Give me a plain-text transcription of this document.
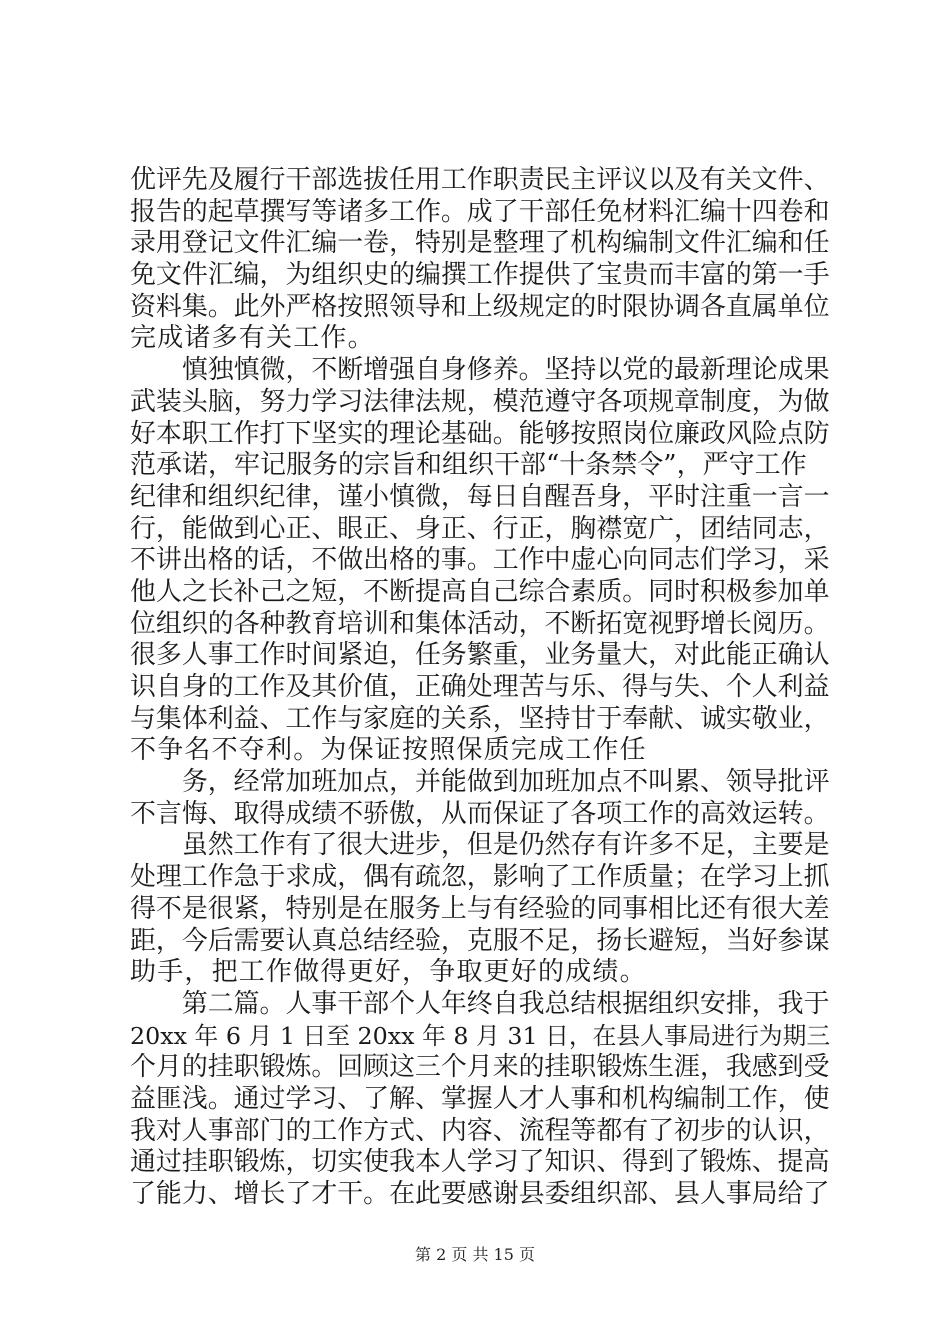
优评先及履行干部选拔任用工作职责民主评议以及有关文件、
报告的起草撰写等诸多工作。成了干部任免材料汇编十四卷和
录用登记文件汇编一卷，特别是整理了机构编制文件汇编和任
免文件汇编，为组织史的编撰工作提供了宝贵而丰富的第一手
资料集。此外严格按照领导和上级规定的时限协调各直属单位
完成诸多有关工作。
　　慎独慎微，不断增强自身修养。坚持以党的最新理论成果
武装头脑，努力学习法律法规，模范遵守各项规章制度，为做
好本职工作打下坚实的理论基础。能够按照岗位廉政风险点防
范承诺，牢记服务的宗旨和组织干部“十条禁令”，严守工作
纪律和组织纪律，谨小慎微，每日自醒吾身，平时注重一言一
行，能做到心正、眼正、身正、行正，胸襟宽广，团结同志，
不讲出格的话，不做出格的事。工作中虚心向同志们学习，采
他人之长补己之短，不断提高自己综合素质。同时积极参加单
位组织的各种教育培训和集体活动，不断拓宽视野增长阅历。
很多人事工作时间紧迫，任务繁重，业务量大，对此能正确认
识自身的工作及其价值，正确处理苦与乐、得与失、个人利益
与集体利益、工作与家庭的关系，坚持甘于奉献、诚实敬业，
不争名不夺利。为保证按照保质完成工作任
　　务，经常加班加点，并能做到加班加点不叫累、领导批评
不言悔、取得成绩不骄傲，从而保证了各项工作的高效运转。
　　虽然工作有了很大进步，但是仍然存有许多不足，主要是
处理工作急于求成，偶有疏忽，影响了工作质量；在学习上抓
得不是很紧，特别是在服务上与有经验的同事相比还有很大差
距，今后需要认真总结经验，克服不足，扬长避短，当好参谋
助手，把工作做得更好，争取更好的成绩。
　　第二篇。人事干部个人年终自我总结根据组织安排，我于
20xx 年 6 月 1 日至 20xx 年 8 月 31 日，在县人事局进行为期三
个月的挂职锻炼。回顾这三个月来的挂职锻炼生涯，我感到受
益匪浅。通过学习、了解、掌握人才人事和机构编制工作，使
我对人事部门的工作方式、内容、流程等都有了初步的认识，
通过挂职锻炼，切实使我本人学习了知识、得到了锻炼、提高
了能力、增长了才干。在此要感谢县委组织部、县人事局给了
第 2 页 共 15 页
